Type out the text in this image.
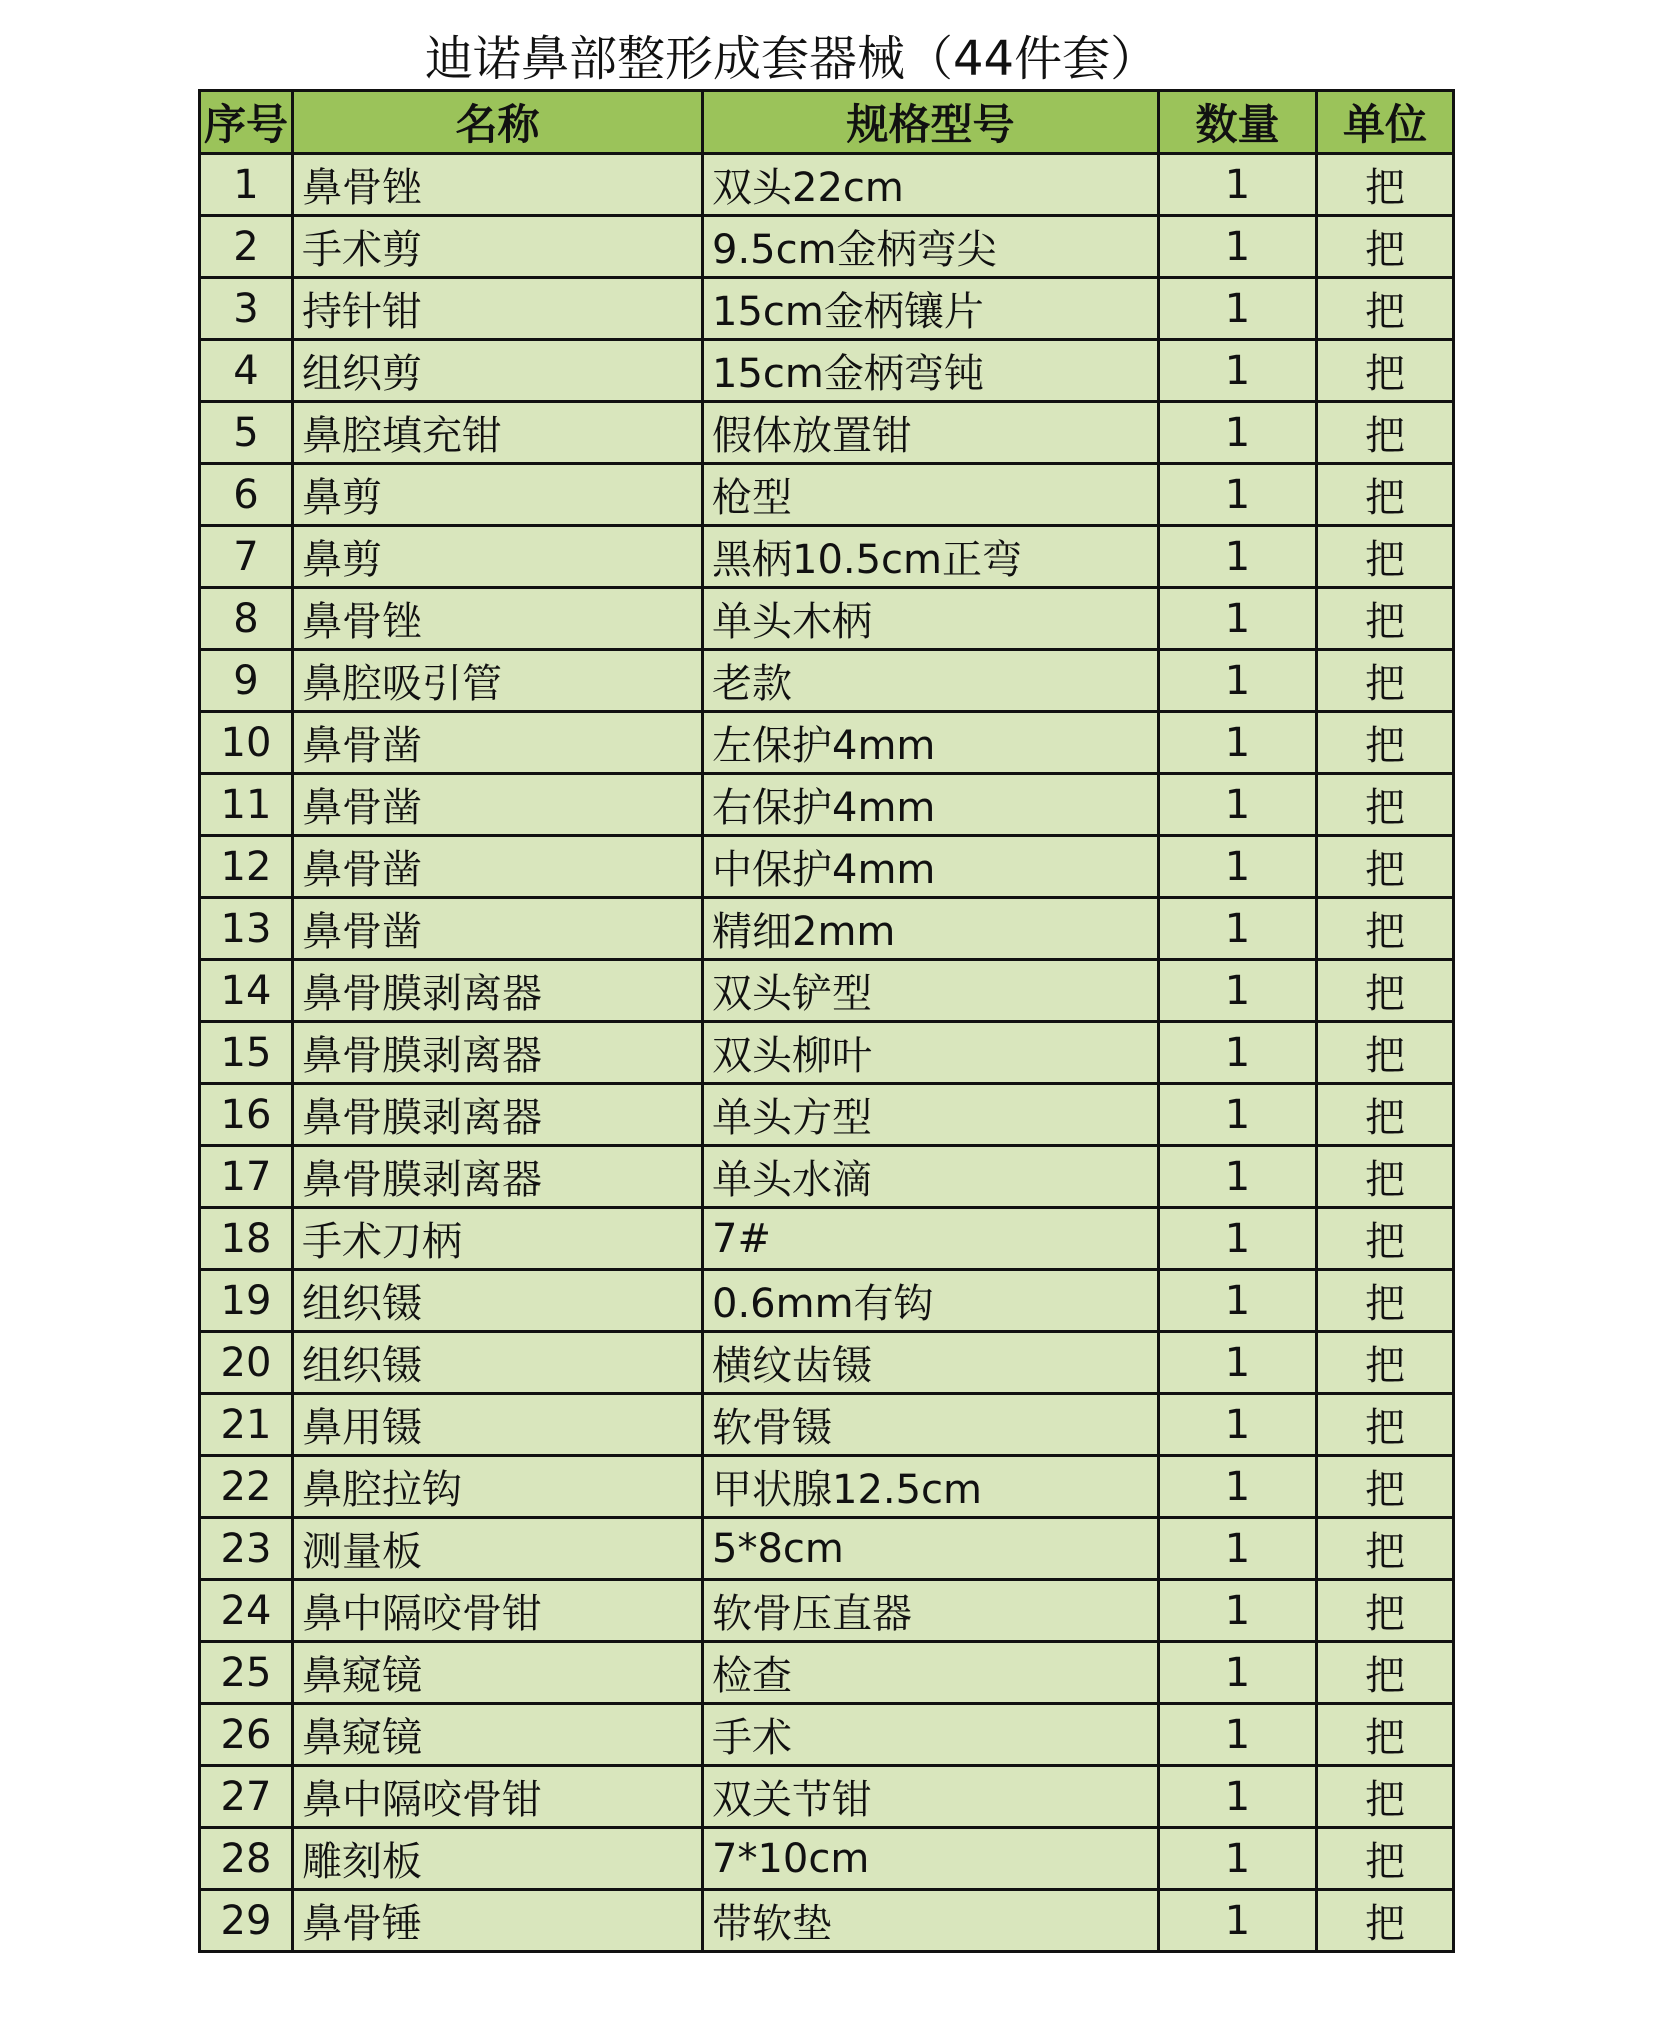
迪诺鼻部整形成套器械（44件套）
序号	名称	规格型号	数量	单位
1	鼻骨锉	双头22cm	1	把
2	手术剪	9.5cm金柄弯尖	1	把
3	持针钳	15cm金柄镶片	1	把
4	组织剪	15cm金柄弯钝	1	把
5	鼻腔填充钳	假体放置钳	1	把
6	鼻剪	枪型	1	把
7	鼻剪	黑柄10.5cm正弯	1	把
8	鼻骨锉	单头木柄	1	把
9	鼻腔吸引管	老款	1	把
10	鼻骨凿	左保护4mm	1	把
11	鼻骨凿	右保护4mm	1	把
12	鼻骨凿	中保护4mm	1	把
13	鼻骨凿	精细2mm	1	把
14	鼻骨膜剥离器	双头铲型	1	把
15	鼻骨膜剥离器	双头柳叶	1	把
16	鼻骨膜剥离器	单头方型	1	把
17	鼻骨膜剥离器	单头水滴	1	把
18	手术刀柄	7#	1	把
19	组织镊	0.6mm有钩	1	把
20	组织镊	横纹齿镊	1	把
21	鼻用镊	软骨镊	1	把
22	鼻腔拉钩	甲状腺12.5cm	1	把
23	测量板	5*8cm	1	把
24	鼻中隔咬骨钳	软骨压直器	1	把
25	鼻窥镜	检查	1	把
26	鼻窥镜	手术	1	把
27	鼻中隔咬骨钳	双关节钳	1	把
28	雕刻板	7*10cm	1	把
29	鼻骨锤	带软垫	1	把
